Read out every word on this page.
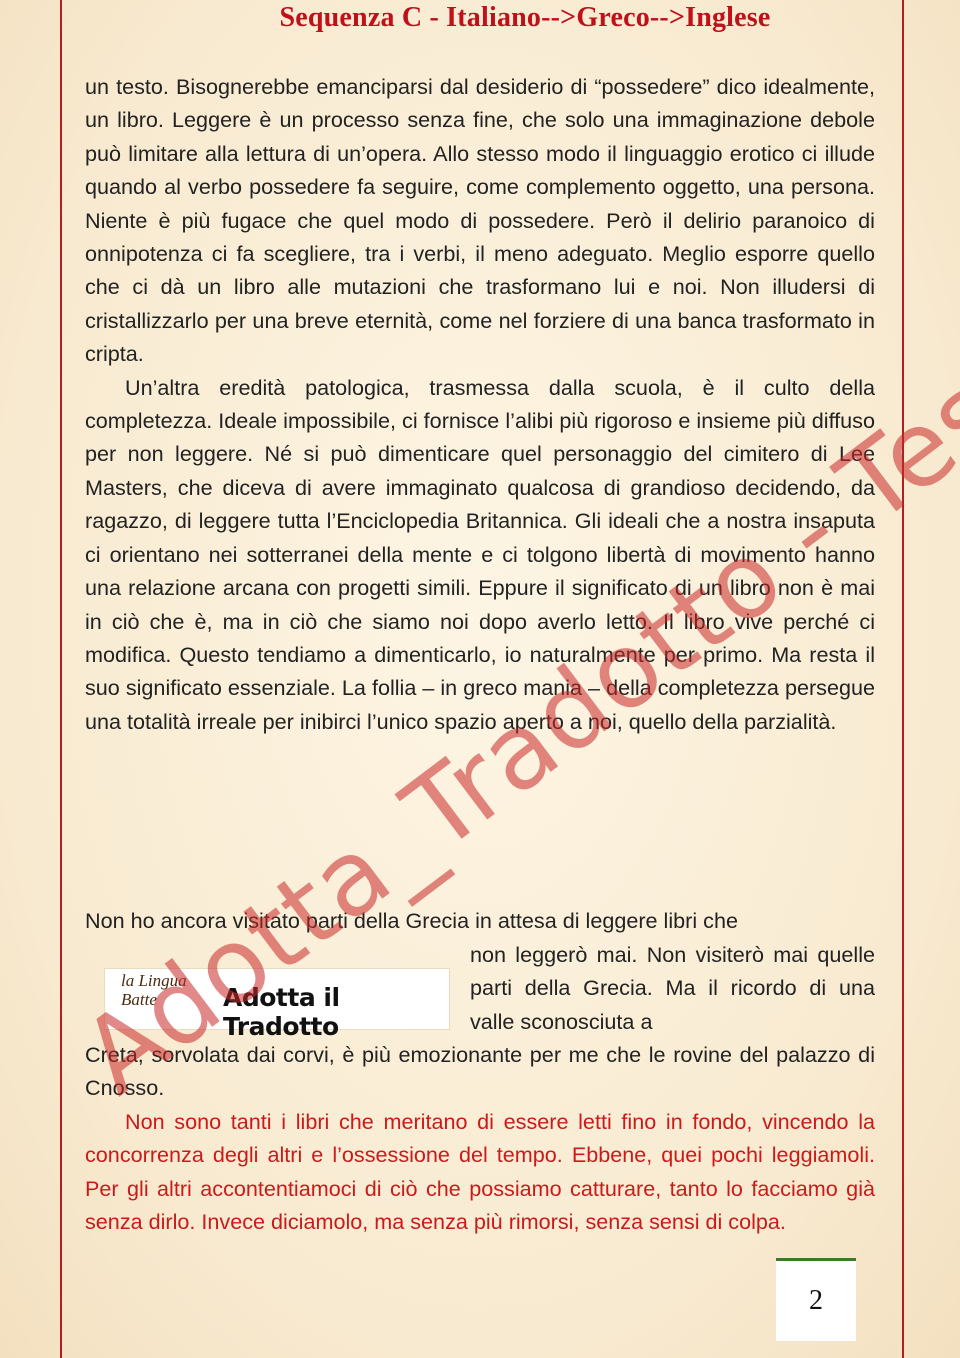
Sequenza C - Italiano-->Greco-->Inglese

un testo. Bisognerebbe emanciparsi dal desiderio di “possedere” dico idealmente, un libro. Leggere è un processo senza fine, che solo una immaginazione debole può limitare alla lettura di un’opera. Allo stesso modo il linguaggio erotico ci illude quando al verbo possedere fa seguire, come complemento oggetto, una persona. Niente è più fugace che quel modo di possedere. Però il delirio paranoico di onnipotenza ci fa scegliere, tra i verbi, il meno adeguato. Meglio esporre quello che ci dà un libro alle mutazioni che trasformano lui e noi. Non illudersi di cristallizzarlo per una breve eternità, come nel forziere di una banca trasformato in cripta.

Un’altra eredità patologica, trasmessa dalla scuola, è il culto della completezza. Ideale impossibile, ci fornisce l’alibi più rigoroso e insieme più diffuso per non leggere. Né si può dimenticare quel personaggio del cimitero di Lee Masters, che diceva di avere immaginato qualcosa di grandioso decidendo, da ragazzo, di leggere tutta l’Enciclopedia Britannica. Gli ideali che a nostra insaputa ci orientano nei sotterranei della mente e ci tolgono libertà di movimento hanno una relazione arcana con progetti simili. Eppure il significato di un libro non è mai in ciò che è, ma in ciò che siamo noi dopo averlo letto. Il libro vive perché ci modifica. Questo tendiamo a dimenticarlo, io naturalmente per primo. Ma resta il suo significato essenziale. La follia – in greco mania – della completezza persegue una totalità irreale per inibirci l’unico spazio aperto a noi, quello della parzialità.

Non ho ancora visitato parti della Grecia in attesa di leggere libri che
non leggerò mai. Non visiterò mai quelle parti della Grecia. Ma il ricordo di una valle sconosciuta a

Creta, sorvolata dai corvi, è più emozionante per me che le rovine del palazzo di Cnosso.

Non sono tanti i libri che meritano di essere letti fino in fondo, vincendo la concorrenza degli altri e l’ossessione del tempo. Ebbene, quei pochi leggiamoli. Per gli altri accontentiamoci di ciò che possiamo catturare, tanto lo facciamo già senza dirlo. Invece diciamolo, ma senza più rimorsi, senza sensi di colpa.

la Lingua
Batte	Adotta il Tradotto
2
